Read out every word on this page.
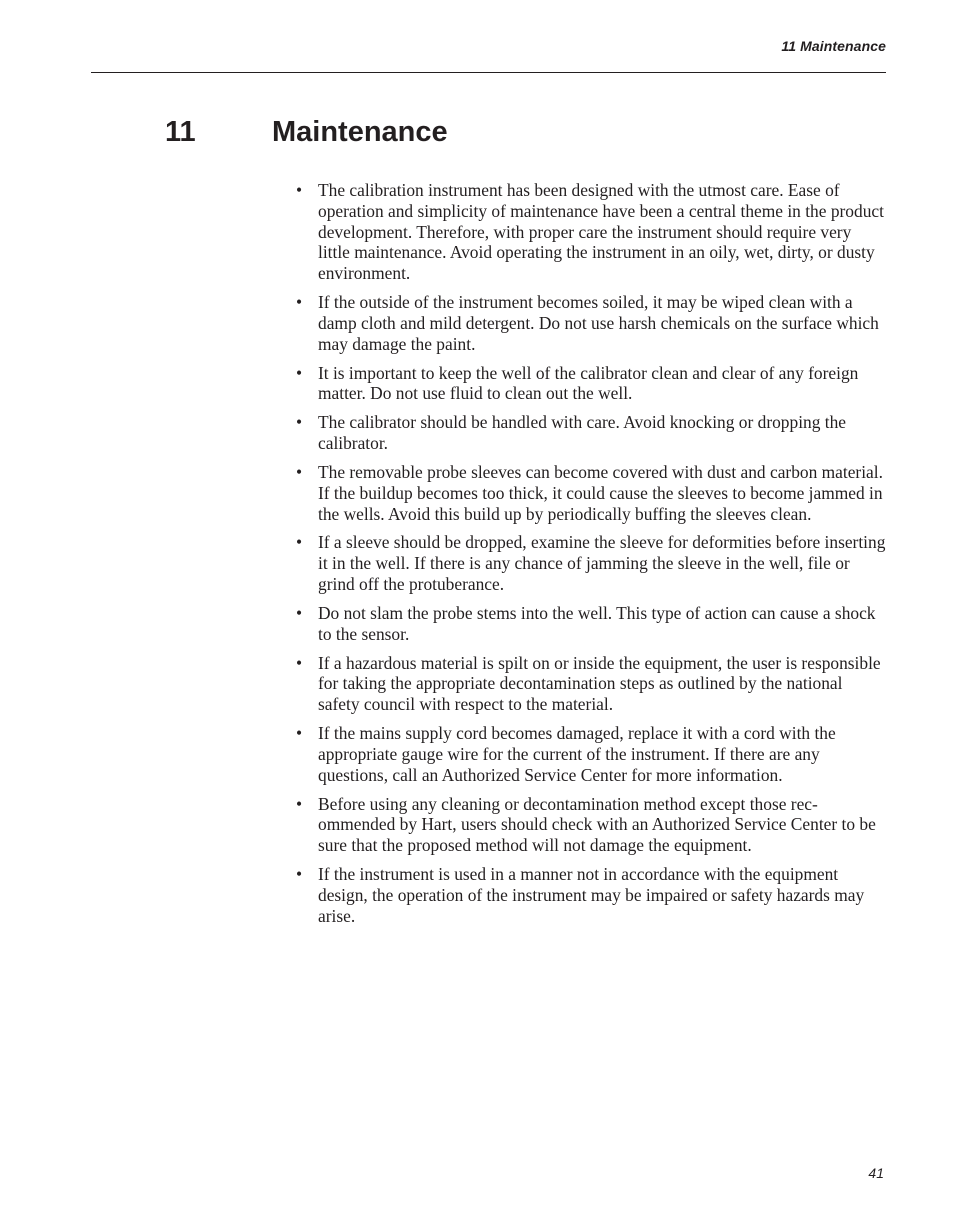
11 Maintenance
11	Maintenance
• The calibration instrument has been designed with the utmost care. Ease of operation and simplicity of maintenance have been a central theme in the product development. Therefore, with proper care the instrument should require very little maintenance. Avoid operating the instrument in an oily, wet, dirty, or dusty environment.
• If the outside of the instrument becomes soiled, it may be wiped clean with a damp cloth and mild detergent. Do not use harsh chemicals on the surface which may damage the paint.
• It is important to keep the well of the calibrator clean and clear of any foreign matter. Do not use fluid to clean out the well.
• The calibrator should be handled with care. Avoid knocking or dropping the calibrator.
• The removable probe sleeves can become covered with dust and carbon material. If the buildup becomes too thick, it could cause the sleeves to become jammed in the wells. Avoid this build up by periodically buffing the sleeves clean.
• If a sleeve should be dropped, examine the sleeve for deformities before inserting it in the well. If there is any chance of jamming the sleeve in the well, file or grind off the protuberance.
• Do not slam the probe stems into the well. This type of action can cause a shock to the sensor.
• If a hazardous material is spilt on or inside the equipment, the user is responsible for taking the appropriate decontamination steps as outlined by the national safety council with respect to the material.
• If the mains supply cord becomes damaged, replace it with a cord with the appropriate gauge wire for the current of the instrument. If there are any questions, call an Authorized Service Center for more information.
• Before using any cleaning or decontamination method except those recommended by Hart, users should check with an Authorized Service Center to be sure that the proposed method will not damage the equipment.
• If the instrument is used in a manner not in accordance with the equipment design, the operation of the instrument may be impaired or safety hazards may arise.
41
